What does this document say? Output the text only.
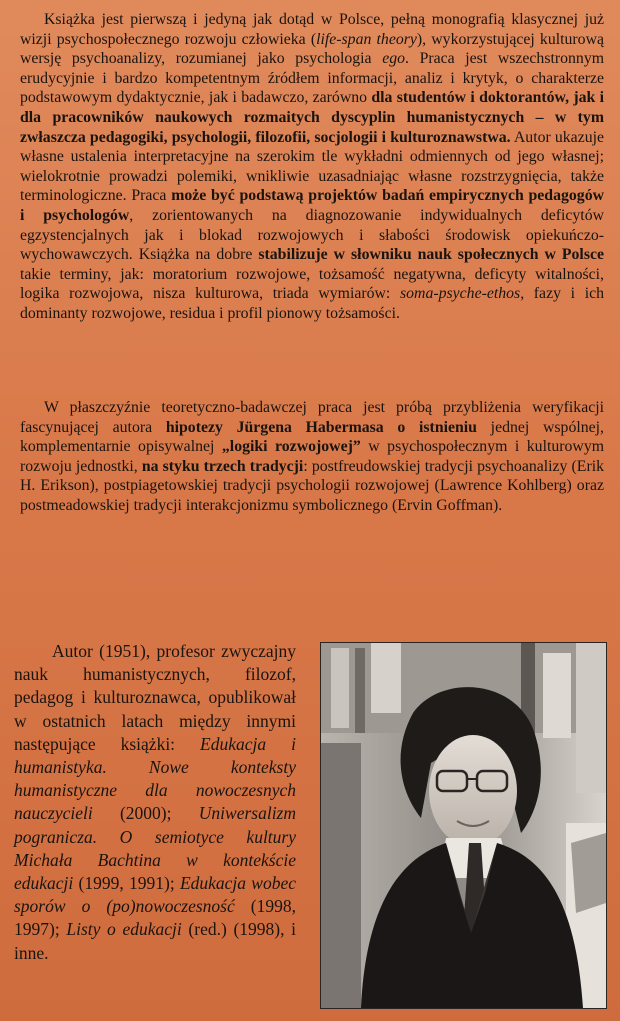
Książka jest pierwszą i jedyną jak dotąd w Polsce, pełną monografią klasycznej już wizji psychospołecznego rozwoju człowieka (life-span theory), wykorzystującej kulturową wersję psychoanalizy, rozumianej jako psychologia ego. Praca jest wszechstronnym erudycyjnie i bardzo kompetentnym źródłem informacji, analiz i krytyk, o charakterze podstawowym dydaktycznie, jak i badawczo, zarówno dla studentów i doktorantów, jak i dla pracowników naukowych rozmaitych dyscyplin humanistycznych – w tym zwłaszcza pedagogiki, psychologii, filozofii, socjologii i kulturoznawstwa. Autor ukazuje własne ustalenia interpretacyjne na szerokim tle wykładni odmiennych od jego własnej; wielokrotnie prowadzi polemiki, wnikliwie uzasadniając własne rozstrzygnięcia, także terminologiczne. Praca może być podstawą projektów badań empirycznych pedagogów i psychologów, zorientowanych na diagnozowanie indywidualnych deficytów egzystencjalnych jak i blokad rozwojowych i słabości środowisk opiekuńczo-wychowawczych. Książka na dobre stabilizuje w słowniku nauk społecznych w Polsce takie terminy, jak: moratorium rozwojowe, tożsamość negatywna, deficyty witalności, logika rozwojowa, nisza kulturowa, triada wymiarów: soma-psyche-ethos, fazy i ich dominanty rozwojowe, residua i profil pionowy tożsamości.

W płaszczyźnie teoretyczno-badawczej praca jest próbą przybliżenia weryfikacji fascynującej autora hipotezy Jürgena Habermasa o istnieniu jednej wspólnej, komplementarnie opisywalnej „logiki rozwojowej” w psychospołecznym i kulturowym rozwoju jednostki, na styku trzech tradycji: postfreudowskiej tradycji psychoanalizy (Erik H. Erikson), postpiagetowskiej tradycji psychologii rozwojowej (Lawrence Kohlberg) oraz postmeadowskiej tradycji interakcjonizmu symbolicznego (Ervin Goffman).

Autor (1951), profesor zwyczajny nauk humanistycznych, filozof, pedagog i kulturoznawca, opublikował w ostatnich latach między innymi następujące książki: Edukacja i humanistyka. Nowe konteksty humanistyczne dla nowoczesnych nauczycieli (2000); Uniwersalizm pogranicza. O semiotyce kultury Michała Bachtina w kontekście edukacji (1999, 1991); Edukacja wobec sporów o (po)nowoczesność (1998, 1997); Listy o edukacji (red.) (1998), i inne.
